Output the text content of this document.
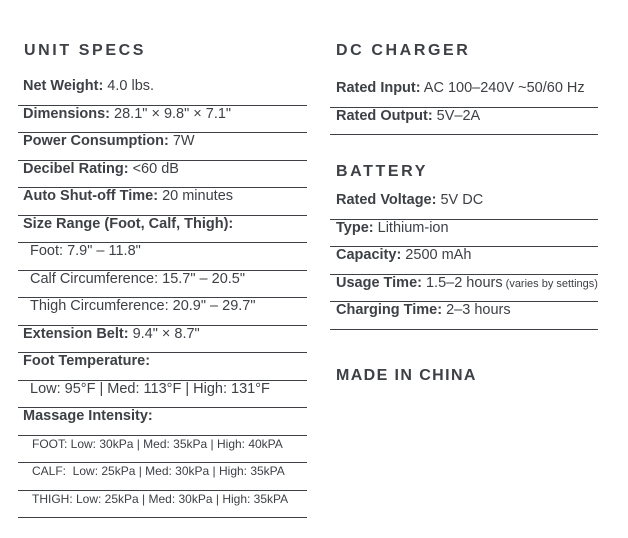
UNIT SPECS
Net Weight: 4.0 lbs.
Dimensions: 28.1" × 9.8" × 7.1"
Power Consumption: 7W
Decibel Rating: <60 dB
Auto Shut-off Time: 20 minutes
Size Range (Foot, Calf, Thigh):
Foot: 7.9" – 11.8"
Calf Circumference: 15.7" – 20.5"
Thigh Circumference: 20.9" – 29.7"
Extension Belt: 9.4" × 8.7"
Foot Temperature:
Low: 95°F | Med: 113°F | High: 131°F
Massage Intensity:
FOOT: Low: 30kPa | Med: 35kPa | High: 40kPA
CALF:  Low: 25kPa | Med: 30kPa | High: 35kPA
THIGH: Low: 25kPa | Med: 30kPa | High: 35kPA
DC CHARGER
Rated Input: AC 100–240V ~50/60 Hz
Rated Output: 5V–2A
BATTERY
Rated Voltage: 5V DC
Type: Lithium-ion
Capacity: 2500 mAh
Usage Time: 1.5–2 hours (varies by settings)
Charging Time: 2–3 hours
MADE IN CHINA
